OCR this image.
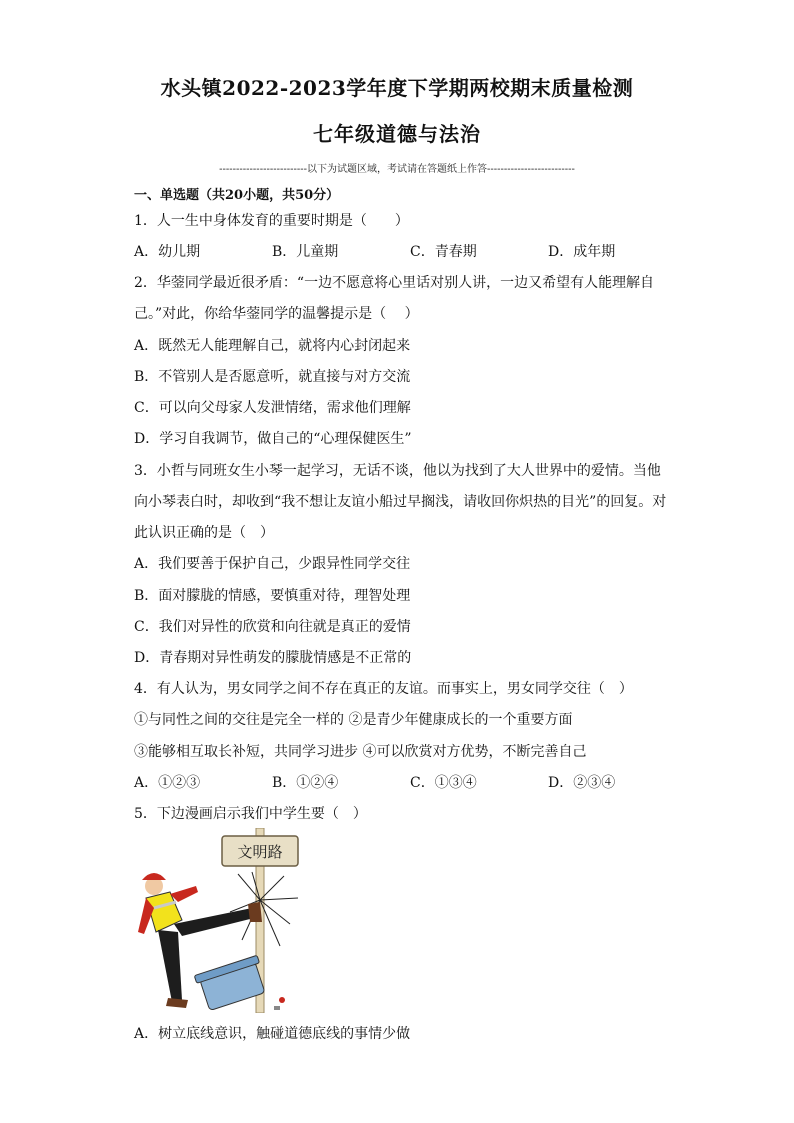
水头镇2022-2023学年度下学期两校期末质量检测
七年级道德与法治
--------------------------以下为试题区域，考试请在答题纸上作答--------------------------
一、单选题（共20小题，共50分）
1．人一生中身体发育的重要时期是（　　）
A．幼儿期	B．儿童期	C．青春期	D．成年期
2．华蓥同学最近很矛盾：“一边不愿意将心里话对别人讲，一边又希望有人能理解自
己。”对此，你给华蓥同学的温馨提示是（　 ）
A．既然无人能理解自己，就将内心封闭起来
B．不管别人是否愿意听，就直接与对方交流
C．可以向父母家人发泄情绪，需求他们理解
D．学习自我调节，做自己的“心理保健医生”
3．小哲与同班女生小琴一起学习，无话不谈，他以为找到了大人世界中的爱情。当他
向小琴表白时，却收到“我不想让友谊小船过早搁浅，请收回你炽热的目光”的回复。对
此认识正确的是（　）
A．我们要善于保护自己，少跟异性同学交往
B．面对朦胧的情感，要慎重对待，理智处理
C．我们对异性的欣赏和向往就是真正的爱情
D．青春期对异性萌发的朦胧情感是不正常的
4．有人认为，男女同学之间不存在真正的友谊。而事实上，男女同学交往（　）
①与同性之间的交往是完全一样的 ②是青少年健康成长的一个重要方面
③能够相互取长补短，共同学习进步 ④可以欣赏对方优势，不断完善自己
A．①②③	B．①②④	C．①③④	D．②③④
5．下边漫画启示我们中学生要（　）
文明路
A．树立底线意识，触碰道德底线的事情少做
